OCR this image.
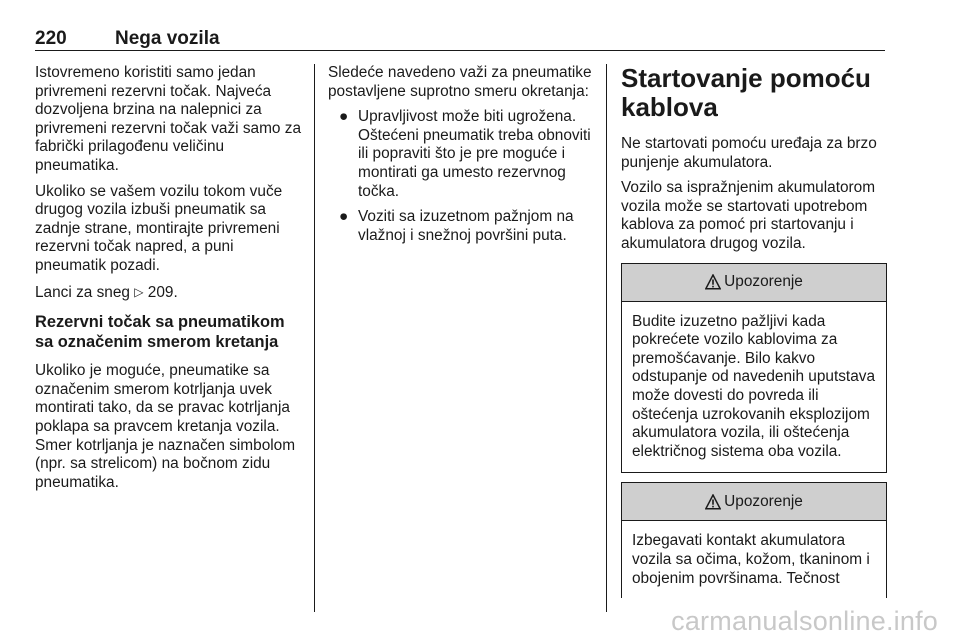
220	Nega vozila

Istovremeno koristiti samo jedan privremeni rezervni točak. Najveća dozvoljena brzina na nalepnici za privremeni rezervni točak važi samo za fabrički prilagođenu veličinu pneumatika.

Ukoliko se vašem vozilu tokom vuče drugog vozila izbuši pneumatik sa zadnje strane, montirajte privremeni rezervni točak napred, a puni pneumatik pozadi.

Lanci za sneg ▷ 209.

Rezervni točak sa pneumatikom sa označenim smerom kretanja

Ukoliko je moguće, pneumatike sa označenim smerom kotrljanja uvek montirati tako, da se pravac kotrljanja poklapa sa pravcem kretanja vozila. Smer kotrljanja je naznačen simbolom (npr. sa strelicom) na bočnom zidu pneumatika.

Sledeće navedeno važi za pneumatike postavljene suprotno smeru okretanja:

● Upravljivost može biti ugrožena. Oštećeni pneumatik treba obnoviti ili popraviti što je pre moguće i montirati ga umesto rezervnog točka.
● Voziti sa izuzetnom pažnjom na vlažnoj i snežnoj površini puta.
Startovanje pomoću kablova

Ne startovati pomoću uređaja za brzo punjenje akumulatora.

Vozilo sa ispražnjenim akumulatorom vozila može se startovati upotrebom kablova za pomoć pri startovanju i akumulatora drugog vozila.

Upozorenje
Budite izuzetno pažljivi kada pokrećete vozilo kablovima za premošćavanje. Bilo kakvo odstupanje od navedenih uputstava može dovesti do povreda ili oštećenja uzrokovanih eksplozijom akumulatora vozila, ili oštećenja električnog sistema oba vozila.
Upozorenje
Izbegavati kontakt akumulatora vozila sa očima, kožom, tkaninom i obojenim površinama. Tečnost
carmanualsonline.info
